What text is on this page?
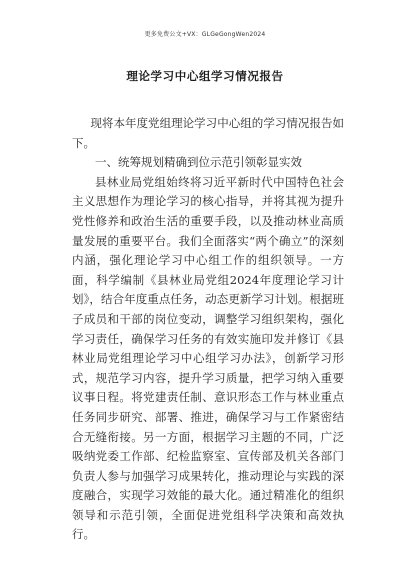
更多免费公文+VX：GLGeGongWen2024
理论学习中心组学习情况报告

现将本年度党组理论学习中心组的学习情况报告如下。

一、统筹规划精确到位示范引领彰显实效

县林业局党组始终将习近平新时代中国特色社会主义思想作为理论学习的核心指导，并将其视为提升党性修养和政治生活的重要手段，以及推动林业高质量发展的重要平台。我们全面落实“两个确立”的深刻内涵，强化理论学习中心组工作的组织领导。一方面，科学编制《县林业局党组2024年度理论学习计划》，结合年度重点任务，动态更新学习计划。根据班子成员和干部的岗位变动，调整学习组织架构，强化学习责任，确保学习任务的有效实施印发并修订《县林业局党组理论学习中心组学习办法》，创新学习形式，规范学习内容，提升学习质量，把学习纳入重要议事日程。将党建责任制、意识形态工作与林业重点任务同步研究、部署、推进，确保学习与工作紧密结合无缝衔接。另一方面，根据学习主题的不同，广泛吸纳党委工作部、纪检监察室、宣传部及机关各部门负责人参与加强学习成果转化，推动理论与实践的深度融合，实现学习效能的最大化。通过精准化的组织领导和示范引领，全面促进党组科学决策和高效执行。
